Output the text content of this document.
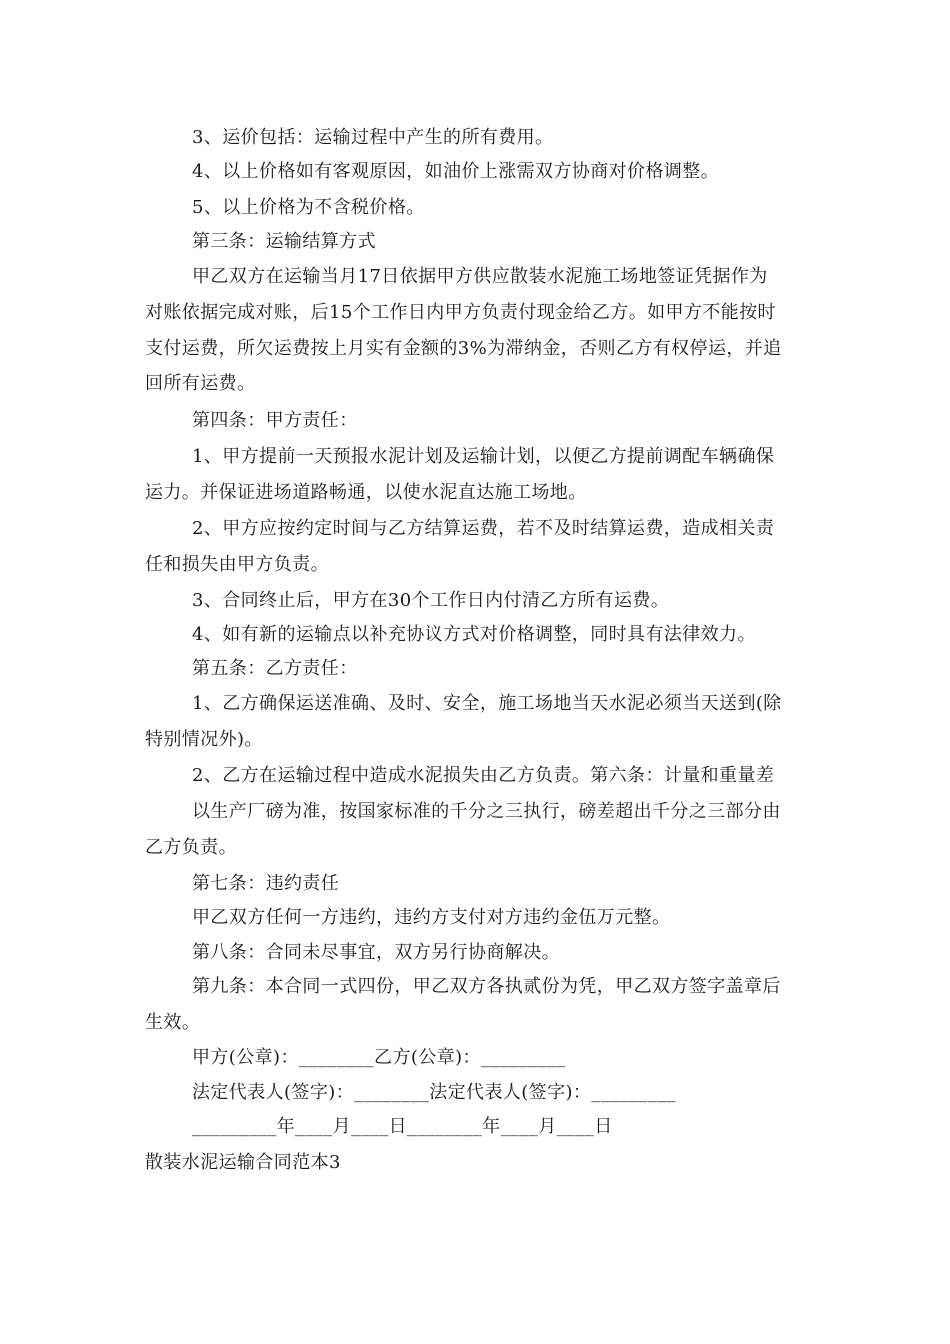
3、运价包括：运输过程中产生的所有费用。
4、以上价格如有客观原因，如油价上涨需双方协商对价格调整。
5、以上价格为不含税价格。
第三条：运输结算方式
甲乙双方在运输当月17日依据甲方供应散装水泥施工场地签证凭据作为
对账依据完成对账，后15个工作日内甲方负责付现金给乙方。如甲方不能按时
支付运费，所欠运费按上月实有金额的3%为滞纳金，否则乙方有权停运，并追
回所有运费。
第四条：甲方责任：
1、甲方提前一天预报水泥计划及运输计划，以便乙方提前调配车辆确保
运力。并保证进场道路畅通，以使水泥直达施工场地。
2、甲方应按约定时间与乙方结算运费，若不及时结算运费，造成相关责
任和损失由甲方负责。
3、合同终止后，甲方在30个工作日内付清乙方所有运费。
4、如有新的运输点以补充协议方式对价格调整，同时具有法律效力。
第五条：乙方责任：
1、乙方确保运送准确、及时、安全，施工场地当天水泥必须当天送到(除
特别情况外)。
2、乙方在运输过程中造成水泥损失由乙方负责。第六条：计量和重量差
以生产厂磅为准，按国家标准的千分之三执行，磅差超出千分之三部分由
乙方负责。
第七条：违约责任
甲乙双方任何一方违约，违约方支付对方违约金伍万元整。
第八条：合同未尽事宜，双方另行协商解决。
第九条：本合同一式四份，甲乙双方各执贰份为凭，甲乙双方签字盖章后
生效。
甲方(公章)：________乙方(公章)：_________
法定代表人(签字)：________法定代表人(签字)：_________
_________年____月____日________年____月____日
散装水泥运输合同范本3
